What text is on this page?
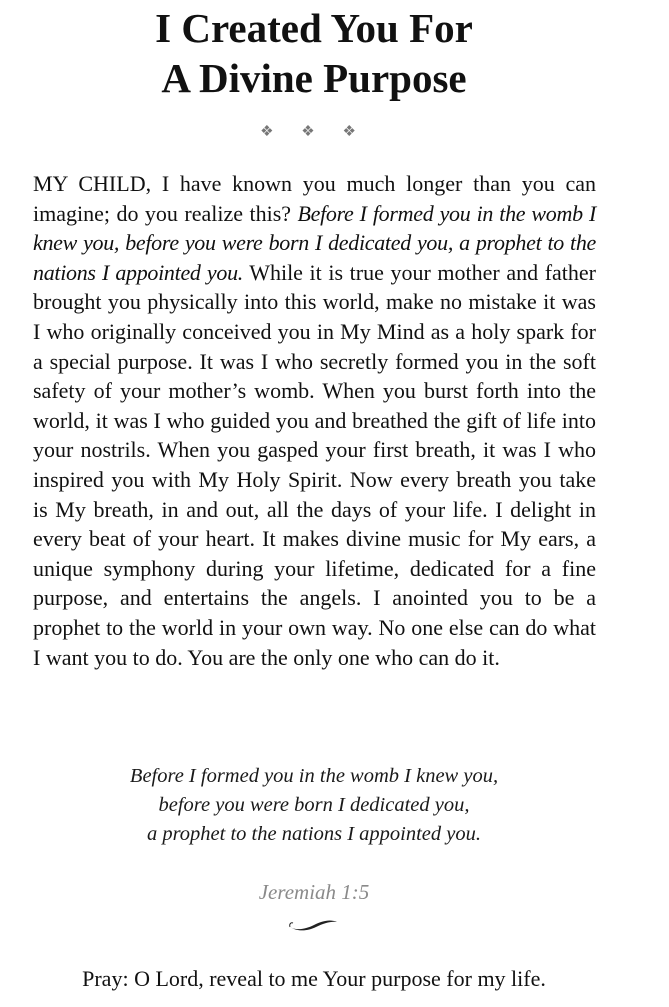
I Created You For
A Divine Purpose
❖ ❖ ❖

MY CHILD, I have known you much longer than you can imagine; do you realize this? Before I formed you in the womb I knew you, before you were born I dedicated you, a prophet to the nations I appointed you. While it is true your mother and father brought you physically into this world, make no mistake it was I who originally conceived you in My Mind as a holy spark for a special purpose. It was I who secretly formed you in the soft safety of your mother’s womb. When you burst forth into the world, it was I who guided you and breathed the gift of life into your nostrils. When you gasped your first breath, it was I who inspired you with My Holy Spirit. Now every breath you take is My breath, in and out, all the days of your life. I delight in every beat of your heart. It makes divine music for My ears, a unique symphony during your lifetime, dedicated for a fine purpose, and entertains the angels. I anointed you to be a prophet to the world in your own way. No one else can do what I want you to do. You are the only one who can do it.

Before I formed you in the womb I knew you,
before you were born I dedicated you,
a prophet to the nations I appointed you.
Jeremiah 1:5
Pray: O Lord, reveal to me Your purpose for my life.
